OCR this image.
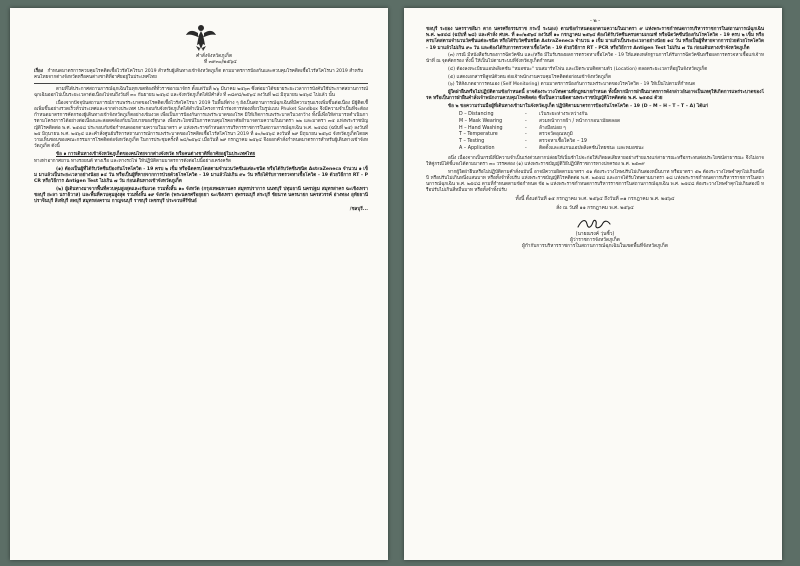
คำสั่งจังหวัดภูเก็ต
ที่ ๓๙๓๐/๒๕๖๔
เรื่อง กำหนดมาตรการควบคุมโรคติดเชื้อไวรัสโคโรนา 2019 สำหรับผู้เดินทางเข้าจังหวัดภูเก็ต ตามมาตรการป้องกันและควบคุมโรคติดเชื้อไวรัสโคโรนา 2019 สำหรับคนไทยจากต่างจังหวัดหรือคนต่างชาติที่อาศัยอยู่ในประเทศไทย

ตามที่ได้ประกาศสถานการณ์ฉุกเฉินในทุกเขตท้องที่ทั่วราชอาณาจักร ตั้งแต่วันที่ ๒๖ มีนาคม ๒๕๖๓ ซึ่งต่อมาได้ขยายระยะเวลาการบังคับใช้ประกาศสถานการณ์ฉุกเฉินออกไปเป็นระยะเวลาต่อเนื่องไปจนถึงวันที่ ๓๐ กันยายน ๒๕๖๔ และจังหวัดภูเก็ตได้มีคำสั่ง ที่ ๓๘๙๘/๒๕๖๔ ลงวันที่ ๒๘ มิถุนายน ๒๕๖๔ ไปแล้ว นั้น

เนื่องจากปัจจุบันสถานการณ์การแพร่ระบาดของโรคติดเชื้อไวรัสโคโรนา 2019 ในพื้นที่ต่าง ๆ ยังเป็นสถานการณ์ฉุกเฉินที่มีความรุนแรงเพิ่มขึ้นต่อเนื่อง มีผู้ติดเชื้อเพิ่มขึ้นอย่างรวดเร็วทั่วประเทศและจากต่างประเทศ ประกอบกับจังหวัดภูเก็ตได้ดำเนินโครงการนำร่องการท่องเที่ยวในรูปแบบ Phuket Sandbox จึงมีความจำเป็นที่จะต้องกำหนดมาตรการคัดกรองผู้เดินทางเข้าจังหวัดภูเก็ตอย่างเข้มงวด เพื่อเป็นการป้องกันการแพร่ระบาดของโรค มิให้เกิดการแพร่ระบาดในวงกว้าง ทั้งนี้เพื่อให้สามารถดำเนินการตามโครงการได้อย่างต่อเนื่องและสอดคล้องกับนโยบายของรัฐบาล เพื่อประโยชน์ในการควบคุมโรคอาศัยอำนาจตามความในมาตรา ๒๒ และมาตรา ๓๕ แห่งพระราชบัญญัติโรคติดต่อ พ.ศ. ๒๕๕๘ ประกอบกับข้อกำหนดออกตามความในมาตรา ๙ แห่งพระราชกำหนดการบริหารราชการในสถานการณ์ฉุกเฉิน พ.ศ. ๒๕๔๘ (ฉบับที่ ๒๕) ลงวันที่ ๒๕ มิถุนายน พ.ศ. ๒๕๖๔ และคำสั่งศูนย์บริหารสถานการณ์การแพร่ระบาดของโรคติดเชื้อไวรัสโคโรนา 2019 ที่ ๑๐/๒๕๖๔ ลงวันที่ ๒๙ มิถุนายน ๒๕๖๔ จังหวัดภูเก็ตโดยความเห็นชอบของคณะกรรมการโรคติดต่อจังหวัดภูเก็ต ในการประชุมครั้งที่ ๒๔/๒๕๖๔ เมื่อวันที่ ๒๙ กรกฎาคม ๒๕๖๔ จึงออกคำสั่งกำหนดมาตรการสำหรับผู้เดินทางเข้าจังหวัดภูเก็ต ดังนี้

ข้อ ๑ การเดินทางเข้าจังหวัดภูเก็ตของคนไทยจากต่างจังหวัด หรือคนต่างชาติที่อาศัยอยู่ในประเทศไทย

ทางท่าอากาศยาน ทางรถยนต์ ทางเรือ และทางรถไฟ ให้ปฏิบัติตามมาตรการดังต่อไปนี้อย่างเคร่งครัด

(๑) ต้องเป็นผู้ที่ได้รับวัคซีนป้องกันโรคโควิด - 19 ครบ ๒ เข็ม หรือฉีดครบโดสตามจำนวนวัคซีนแต่ละชนิด หรือได้รับวัคซีนชนิด AstraZeneca จำนวน ๑ เข็ม มาแล้วเป็นระยะเวลาอย่างน้อย ๑๔ วัน หรือเป็นผู้ที่หายจากการป่วยด้วยโรคโควิด - 19 มาแล้วไม่เกิน ๙๐ วัน หรือได้รับการตรวจหาเชื้อโควิด - 19 ด้วยวิธีการ RT - PCR หรือวิธีการ Antigen Test ไม่เกิน ๗ วัน ก่อนเดินทางเข้าจังหวัดภูเก็ต
(๒) ผู้เดินทางมาจากพื้นที่ควบคุมสูงสุดและเข้มงวด รวมทั้งสิ้น ๑๐ จังหวัด (กรุงเทพมหานคร สมุทรปราการ นนทบุรี ปทุมธานี นครปฐม สมุทรสาคร ฉะเชิงเทรา ชลบุรี ยะลา นราธิวาส) และพื้นที่ควบคุมสูงสุด รวมทั้งสิ้น ๑๙ จังหวัด (พระนครศรีอยุธยา ฉะเชิงเทรา สุพรรณบุรี สระบุรี ชัยนาท นครนายก นครสวรรค์ อ่างทอง อุทัยธานี ปราจีนบุรี สิงห์บุรี ลพบุรี สมุทรสงคราม กาญจนบุรี ราชบุรี เพชรบุรี ประจวบคีรีขันธ์
/ชลบุรี...
- ๒ -

ชลบุรี ระยอง นครราชสีมา ตาก นครศรีธรรมราช กระบี่ ระนอง) ตามข้อกำหนดออกตามความในมาตรา ๙ แห่งพระราชกำหนดการบริหารราชการในสถานการณ์ฉุกเฉิน พ.ศ. ๒๕๔๘ (ฉบับที่ ๒๘) และคำสั่ง ศบค. ที่ ๑๐/๒๕๖๔ ลงวันที่ ๑๐ กรกฎาคม ๒๕๖๔ ต้องได้รับวัคซีนครบตามเกณฑ์ หรือฉีดวัคซีนป้องกันโรคโควิด - 19 ครบ ๒ เข็ม หรือครบโดสตามจำนวนวัคซีนแต่ละชนิด หรือได้รับวัคซีนชนิด AstraZeneca จำนวน ๑ เข็ม มาแล้วเป็นระยะเวลาอย่างน้อย ๑๔ วัน หรือเป็นผู้ที่หายจากการป่วยด้วยโรคโควิด - 19 มาแล้วไม่เกิน ๙๐ วัน และต้องได้รับการตรวจหาเชื้อโควิด - 19 ด้วยวิธีการ RT - PCR หรือวิธีการ Antigen Test ไม่เกิน ๗ วัน ก่อนเดินทางเข้าจังหวัดภูเก็ต

(๓) กรณี มีหนังสือรับรองการฉีดวัคซีน และ/หรือ มีใบรับรองผลการตรวจหาเชื้อโควิด - 19 ให้แสดงหลักฐานการได้รับการฉีดวัคซีนหรือผลการตรวจหาเชื้อแก่เจ้าหน้าที่ ณ จุดคัดกรอง ทั้งนี้ ให้เป็นไปตามระบบที่จังหวัดภูเก็ตกำหนด
(๔) ต้องลงทะเบียนแอปพลิเคชัน "หมอชนะ" บนสมาร์ทโฟน และเปิดระบบติดตามตัว (Location) ตลอดระยะเวลาที่อยู่ในจังหวัดภูเก็ต
(๕) แสดงเอกสารพิสูจน์ตัวตน ต่อเจ้าพนักงานควบคุมโรคติดต่อก่อนเข้าจังหวัดภูเก็ต
(๖) ให้สังเกตอาการตนเอง (Self Monitoring) ตามมาตรการป้องกันการแพร่ระบาดของโรคโควิด - 19 ให้เป็นไปตามที่กำหนด

ผู้ใดฝ่าฝืนหรือไม่ปฏิบัติตามข้อกำหนดนี้ อาจต้องระวางโทษตามที่กฎหมายกำหนด ทั้งนี้หากมีการฝ่าฝืนมาตรการดังกล่าวอันอาจเป็นเหตุให้เกิดการแพร่ระบาดของโรค หรือเป็นการฝ่าฝืนคำสั่งเจ้าพนักงานควบคุมโรคติดต่อ ซึ่งเป็นความผิดตามพระราชบัญญัติโรคติดต่อ พ.ศ. ๒๕๕๘ ด้วย

ข้อ ๒ ขอความร่วมมือผู้ที่เดินทางเข้ามาในจังหวัดภูเก็ต ปฏิบัติตามมาตรการป้องกันโรคโควิด - 19 (D – M – H – T – T – A) ได้แก่
D – Distancing	-	เว้นระยะห่างระหว่างกัน
M – Mask Wearing	-	สวมหน้ากากผ้า / หน้ากากอนามัยตลอด
H – Hand Washing	-	ล้างมือบ่อย ๆ
T – Temperature	-	ตรวจวัดอุณหภูมิ
T – Testing	-	ตรวจหาเชื้อโควิด – 19
A – Application	-	ติดตั้งและสแกนแอปพลิเคชันไทยชนะ และหมอชนะ

อนึ่ง เนื่องจากเป็นกรณีที่มีความจำเป็นเร่งด่วนหากปล่อยให้เนิ่นช้าไปจะก่อให้เกิดผลเสียหายอย่างร้ายแรงแก่สาธารณะหรือกระทบต่อประโยชน์สาธารณะ จึงไม่อาจให้คู่กรณีได้ชี้แจงได้ตามมาตรา ๓๐ วรรคสอง (๑) แห่งพระราชบัญญัติวิธีปฏิบัติราชการทางปกครอง พ.ศ. ๒๕๓๙

หากผู้ใดฝ่าฝืนหรือไม่ปฏิบัติตามคำสั่งฉบับนี้ อาจมีความผิดตามมาตรา ๕๑ ต้องระวางโทษปรับไม่เกินสองหมื่นบาท หรือมาตรา ๕๒ ต้องระวางโทษจำคุกไม่เกินหนึ่งปี หรือปรับไม่เกินหนึ่งแสนบาท หรือทั้งจำทั้งปรับ แห่งพระราชบัญญัติโรคติดต่อ พ.ศ. ๒๕๕๘ และอาจได้รับโทษตามมาตรา ๑๘ แห่งพระราชกำหนดการบริหารราชการในสถานการณ์ฉุกเฉิน พ.ศ. ๒๕๔๘ ตามที่กำหนดตามข้อกำหนด ข้อ ๒ แห่งพระราชกำหนดการบริหารราชการในสถานการณ์ฉุกเฉิน พ.ศ. ๒๕๔๘ ต้องระวางโทษจำคุกไม่เกินสองปี หรือปรับไม่เกินสี่หมื่นบาท หรือทั้งจำทั้งปรับ

ทั้งนี้ ตั้งแต่วันที่ ๑๕ กรกฎาคม พ.ศ. ๒๕๖๔ ถึงวันที่ ๓๑ กรกฎาคม พ.ศ. ๒๕๖๔
สั่ง ณ วันที่ ๑๑ กรกฎาคม พ.ศ. ๒๕๖๔
(นายณรงค์ วุ่นซิ้ว)
ผู้ว่าราชการจังหวัดภูเก็ต
ผู้กำกับการบริหารราชการในสถานการณ์ฉุกเฉินในเขตพื้นที่จังหวัดภูเก็ต
